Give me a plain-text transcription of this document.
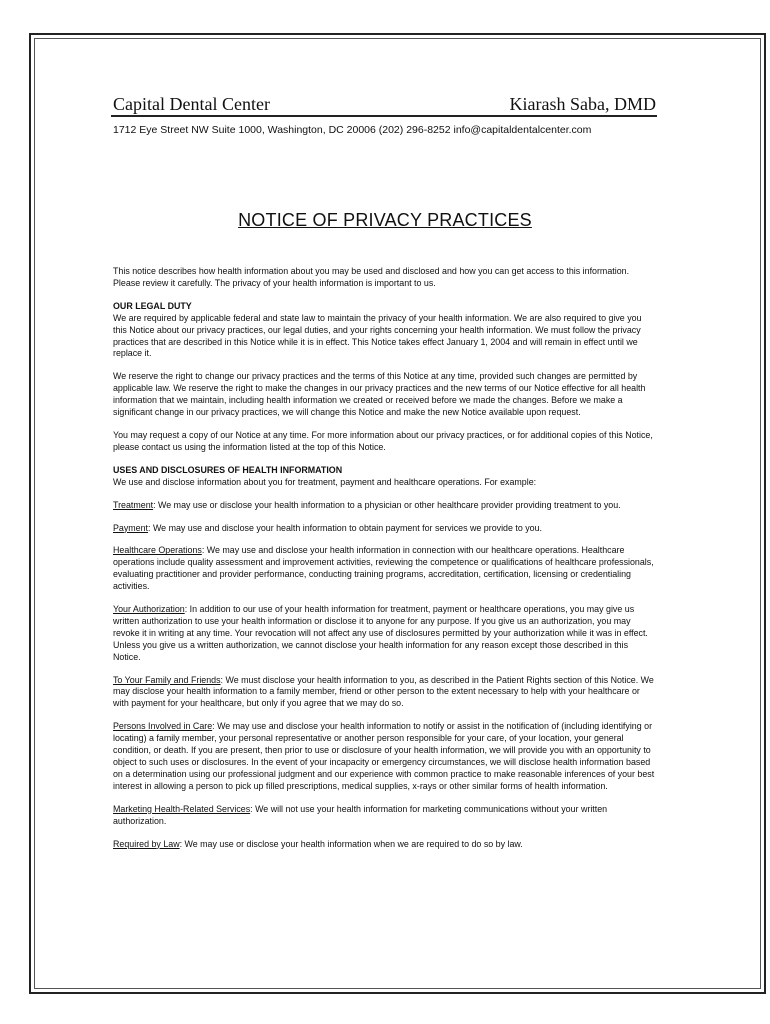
Capital Dental Center	Kiarash Saba, DMD
1712 Eye Street NW Suite 1000, Washington, DC 20006 (202) 296-8252 info@capitaldentalcenter.com
NOTICE OF PRIVACY PRACTICES

This notice describes how health information about you may be used and disclosed and how you can get access to this information. Please review it carefully. The privacy of your health information is important to us.

OUR LEGAL DUTY

We are required by applicable federal and state law to maintain the privacy of your health information. We are also required to give you this Notice about our privacy practices, our legal duties, and your rights concerning your health information. We must follow the privacy practices that are described in this Notice while it is in effect. This Notice takes effect January 1, 2004 and will remain in effect until we replace it.

We reserve the right to change our privacy practices and the terms of this Notice at any time, provided such changes are permitted by applicable law. We reserve the right to make the changes in our privacy practices and the new terms of our Notice effective for all health information that we maintain, including health information we created or received before we made the changes. Before we make a significant change in our privacy practices, we will change this Notice and make the new Notice available upon request.

You may request a copy of our Notice at any time. For more information about our privacy practices, or for additional copies of this Notice, please contact us using the information listed at the top of this Notice.

USES AND DISCLOSURES OF HEALTH INFORMATION

We use and disclose information about you for treatment, payment and healthcare operations. For example:

Treatment: We may use or disclose your health information to a physician or other healthcare provider providing treatment to you.

Payment: We may use and disclose your health information to obtain payment for services we provide to you.

Healthcare Operations: We may use and disclose your health information in connection with our healthcare operations. Healthcare operations include quality assessment and improvement activities, reviewing the competence or qualifications of healthcare professionals, evaluating practitioner and provider performance, conducting training programs, accreditation, certification, licensing or credentialing activities.

Your Authorization: In addition to our use of your health information for treatment, payment or healthcare operations, you may give us written authorization to use your health information or disclose it to anyone for any purpose. If you give us an authorization, you may revoke it in writing at any time. Your revocation will not affect any use of disclosures permitted by your authorization while it was in effect. Unless you give us a written authorization, we cannot disclose your health information for any reason except those described in this Notice.

To Your Family and Friends: We must disclose your health information to you, as described in the Patient Rights section of this Notice. We may disclose your health information to a family member, friend or other person to the extent necessary to help with your healthcare or with payment for your healthcare, but only if you agree that we may do so.

Persons Involved in Care: We may use and disclose your health information to notify or assist in the notification of (including identifying or locating) a family member, your personal representative or another person responsible for your care, of your location, your general condition, or death. If you are present, then prior to use or disclosure of your health information, we will provide you with an opportunity to object to such uses or disclosures. In the event of your incapacity or emergency circumstances, we will disclose health information based on a determination using our professional judgment and our experience with common practice to make reasonable inferences of your best interest in allowing a person to pick up filled prescriptions, medical supplies, x-rays or other similar forms of health information.

Marketing Health-Related Services: We will not use your health information for marketing communications without your written authorization.

Required by Law: We may use or disclose your health information when we are required to do so by law.
